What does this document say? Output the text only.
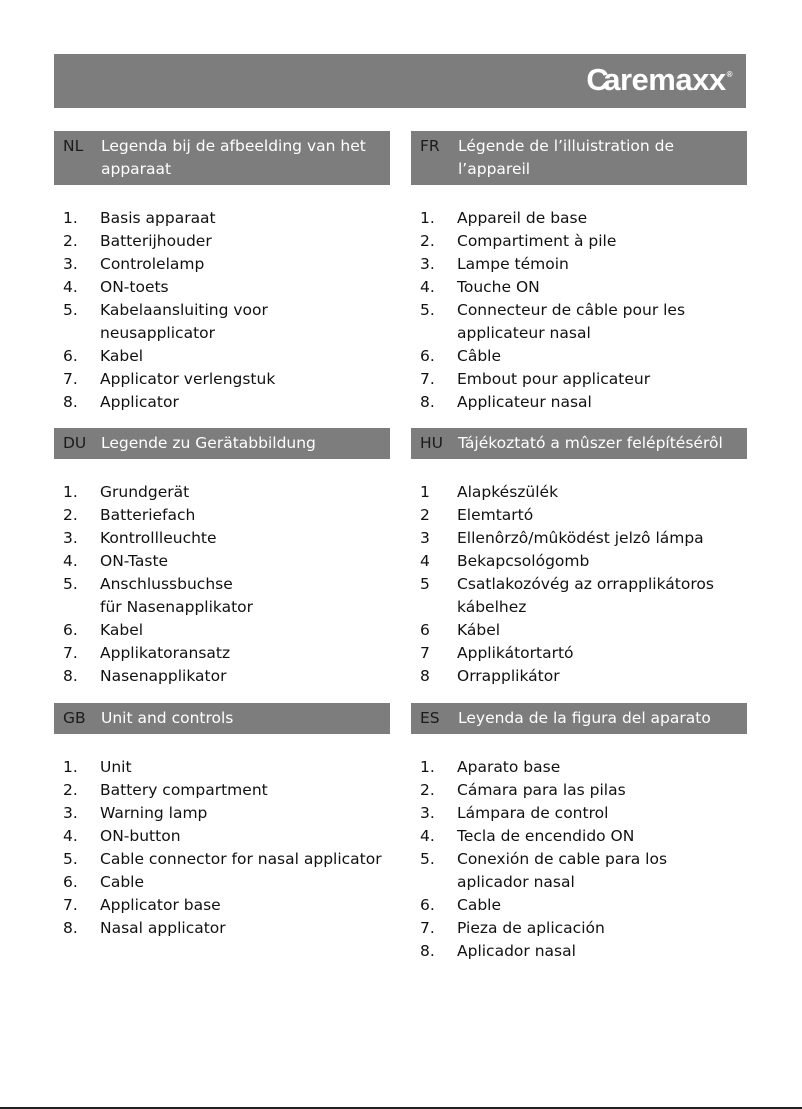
C
aremaxx ®
NL	Legenda bij de afbeelding van het
apparaat
1.	Basis apparaat
2.	Batterijhouder
3.	Controlelamp
4.	ON-toets
5.	Kabelaansluiting voor
neusapplicator
6.	Kabel
7.	Applicator verlengstuk
8.	Applicator
FR	Légende de l’illuistration de
l’appareil
1.	Appareil de base
2.	Compartiment à pile
3.	Lampe témoin
4.	Touche ON
5.	Connecteur de câble pour les
applicateur nasal
6.	Câble
7.	Embout pour applicateur
8.	Applicateur nasal
DU Legende zu Gerätabbildung
1.	Grundgerät
2.	Batteriefach
3.	Kontrollleuchte
4.	ON-Taste
5.	Anschlussbuchse
für Nasenapplikator
6.	Kabel
7.	Applikatoransatz
8.	Nasenapplikator
HU Tájékoztató a mûszer felépítésérôl
1	Alapkészülék
2	Elemtartó
3	Ellenôrzô/mûködést jelzô lámpa
4	Bekapcsológomb
5	Csatlakozóvég az orrapplikátoros
kábelhez
6	Kábel
7	Applikátortartó
8	Orrapplikátor
GB Unit and controls
1.	Unit
2.	Battery compartment
3.	Warning lamp
4.	ON-button
5.	Cable connector for nasal applicator
6.	Cable
7.	Applicator base
8.	Nasal applicator
ES	Leyenda de la figura del aparato
1.	Aparato base
2.	Cámara para las pilas
3.	Lámpara de control
4.	Tecla de encendido ON
5.	Conexión de cable para los
aplicador nasal
6.	Cable
7.	Pieza de aplicación
8.	Aplicador nasal
